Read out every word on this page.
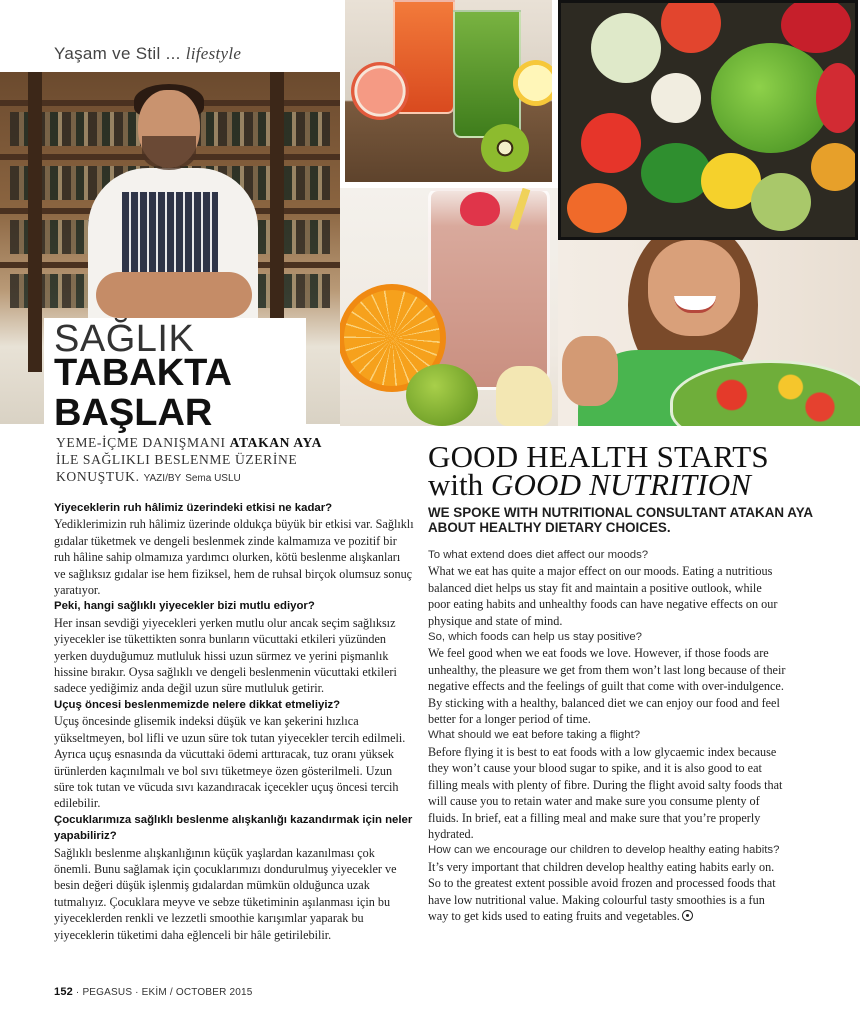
Yaşam ve Stil ... lifestyle
SAĞLIK
TABAKTA
BAŞLAR
YEME-İÇME DANIŞMANI ATAKAN AYA İLE SAĞLIKLI BESLENME ÜZERİNE KONUŞTUK. YAZI/BY Sema USLU
GOOD HEALTH STARTS
with GOOD NUTRITION
WE SPOKE WITH NUTRITIONAL CONSULTANT ATAKAN AYA ABOUT HEALTHY DIETARY CHOICES.
Yiyeceklerin ruh hâlimiz üzerindeki etkisi ne kadar?

Yediklerimizin ruh hâlimiz üzerinde oldukça büyük bir etkisi var. Sağlıklı gıdalar tüketmek ve dengeli beslenmek zinde kalmamıza ve pozitif bir ruh hâline sahip olmamıza yardımcı olurken, kötü beslenme alışkanları ve sağlıksız gıdalar ise hem fiziksel, hem de ruhsal birçok olumsuz sonuç yaratıyor.

Peki, hangi sağlıklı yiyecekler bizi mutlu ediyor?

Her insan sevdiği yiyecekleri yerken mutlu olur ancak seçim sağlıksız yiyecekler ise tükettikten sonra bunların vücuttaki etkileri yüzünden yerken duyduğumuz mutluluk hissi uzun sürmez ve yerini pişmanlık hissine bırakır. Oysa sağlıklı ve dengeli beslenmenin vücuttaki etkileri sadece yediğimiz anda değil uzun süre mutluluk getirir.

Uçuş öncesi beslenmemizde nelere dikkat etmeliyiz?

Uçuş öncesinde glisemik indeksi düşük ve kan şekerini hızlıca yükseltmeyen, bol lifli ve uzun süre tok tutan yiyecekler tercih edilmeli. Ayrıca uçuş esnasında da vücuttaki ödemi arttıracak, tuz oranı yüksek ürünlerden kaçınılmalı ve bol sıvı tüketmeye özen gösterilmeli. Uzun süre tok tutan ve vücuda sıvı kazandıracak içecekler uçuş öncesi tercih edilebilir.

Çocuklarımıza sağlıklı beslenme alışkanlığı kazandırmak için neler yapabiliriz?

Sağlıklı beslenme alışkanlığının küçük yaşlardan kazanılması çok önemli. Bunu sağlamak için çocuklarımızı dondurulmuş yiyecekler ve besin değeri düşük işlenmiş gıdalardan mümkün olduğunca uzak tutmalıyız. Çocuklara meyve ve sebze tüketiminin aşılanması için bu yiyeceklerden renkli ve lezzetli smoothie karışımlar yaparak bu yiyeceklerin tüketimi daha eğlenceli bir hâle getirilebilir.

To what extend does diet affect our moods?

What we eat has quite a major effect on our moods. Eating a nutritious balanced diet helps us stay fit and maintain a positive outlook, while poor eating habits and unhealthy foods can have negative effects on our physique and state of mind.

So, which foods can help us stay positive?

We feel good when we eat foods we love. However, if those foods are unhealthy, the pleasure we get from them won’t last long because of their negative effects and the feelings of guilt that come with over-indulgence. By sticking with a healthy, balanced diet we can enjoy our food and feel better for a longer period of time.

What should we eat before taking a flight?

Before flying it is best to eat foods with a low glycaemic index because they won’t cause your blood sugar to spike, and it is also good to eat filling meals with plenty of fibre. During the flight avoid salty foods that will cause you to retain water and make sure you consume plenty of fluids. In brief, eat a filling meal and make sure that you’re properly hydrated.

How can we encourage our children to develop healthy eating habits?

It’s very important that children develop healthy eating habits early on. So to the greatest extent possible avoid frozen and processed foods that have low nutritional value. Making colourful tasty smoothies is a fun way to get kids used to eating fruits and vegetables.

152 · PEGASUS · EKİM / OCTOBER 2015
